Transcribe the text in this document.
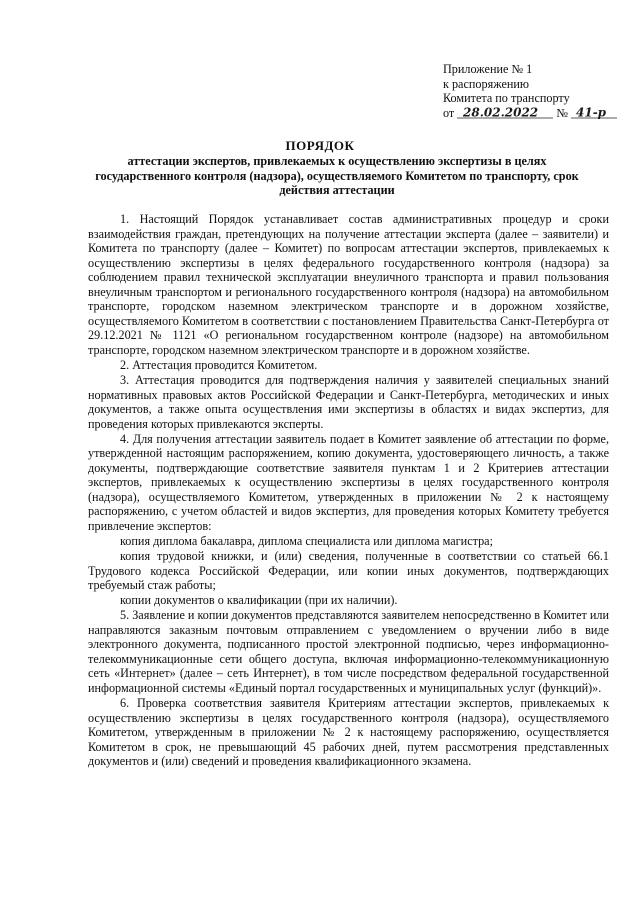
Приложение № 1
к распоряжению
Комитета по транспорту
от 28.02.2022 № 41-р
ПОРЯДОК
аттестации экспертов, привлекаемых к осуществлению экспертизы в целях государственного контроля (надзора), осуществляемого Комитетом по транспорту, срок действия аттестации

1. Настоящий Порядок устанавливает состав административных процедур и сроки взаимодействия граждан, претендующих на получение аттестации эксперта (далее – заявители) и Комитета по транспорту (далее – Комитет) по вопросам аттестации экспертов, привлекаемых к осуществлению экспертизы в целях федерального государственного контроля (надзора) за соблюдением правил технической эксплуатации внеуличного транспорта и правил пользования внеуличным транспортом и регионального государственного контроля (надзора) на автомобильном транспорте, городском наземном электрическом транспорте и в дорожном хозяйстве, осуществляемого Комитетом в соответствии с постановлением Правительства Санкт-Петербурга от 29.12.2021 № 1121 «О региональном государственном контроле (надзоре) на автомобильном транспорте, городском наземном электрическом транспорте и в дорожном хозяйстве.

2. Аттестация проводится Комитетом.

3. Аттестация проводится для подтверждения наличия у заявителей специальных знаний нормативных правовых актов Российской Федерации и Санкт-Петербурга, методических и иных документов, а также опыта осуществления ими экспертизы в областях и видах экспертиз, для проведения которых привлекаются эксперты.

4. Для получения аттестации заявитель подает в Комитет заявление об аттестации по форме, утвержденной настоящим распоряжением, копию документа, удостоверяющего личность, а также документы, подтверждающие соответствие заявителя пунктам 1 и 2 Критериев аттестации экспертов, привлекаемых к осуществлению экспертизы в целях государственного контроля (надзора), осуществляемого Комитетом, утвержденных в приложении № 2 к настоящему распоряжению, с учетом областей и видов экспертиз, для проведения которых Комитету требуется привлечение экспертов:

копия диплома бакалавра, диплома специалиста или диплома магистра;

копия трудовой книжки, и (или) сведения, полученные в соответствии со статьей 66.1 Трудового кодекса Российской Федерации, или копии иных документов, подтверждающих требуемый стаж работы;

копии документов о квалификации (при их наличии).

5. Заявление и копии документов представляются заявителем непосредственно в Комитет или направляются заказным почтовым отправлением с уведомлением о вручении либо в виде электронного документа, подписанного простой электронной подписью, через информационно-телекоммуникационные сети общего доступа, включая информационно-телекоммуникационную сеть «Интернет» (далее – сеть Интернет), в том числе посредством федеральной государственной информационной системы «Единый портал государственных и муниципальных услуг (функций)».

6. Проверка соответствия заявителя Критериям аттестации экспертов, привлекаемых к осуществлению экспертизы в целях государственного контроля (надзора), осуществляемого Комитетом, утвержденным в приложении № 2 к настоящему распоряжению, осуществляется Комитетом в срок, не превышающий 45 рабочих дней, путем рассмотрения представленных документов и (или) сведений и проведения квалификационного экзамена.
